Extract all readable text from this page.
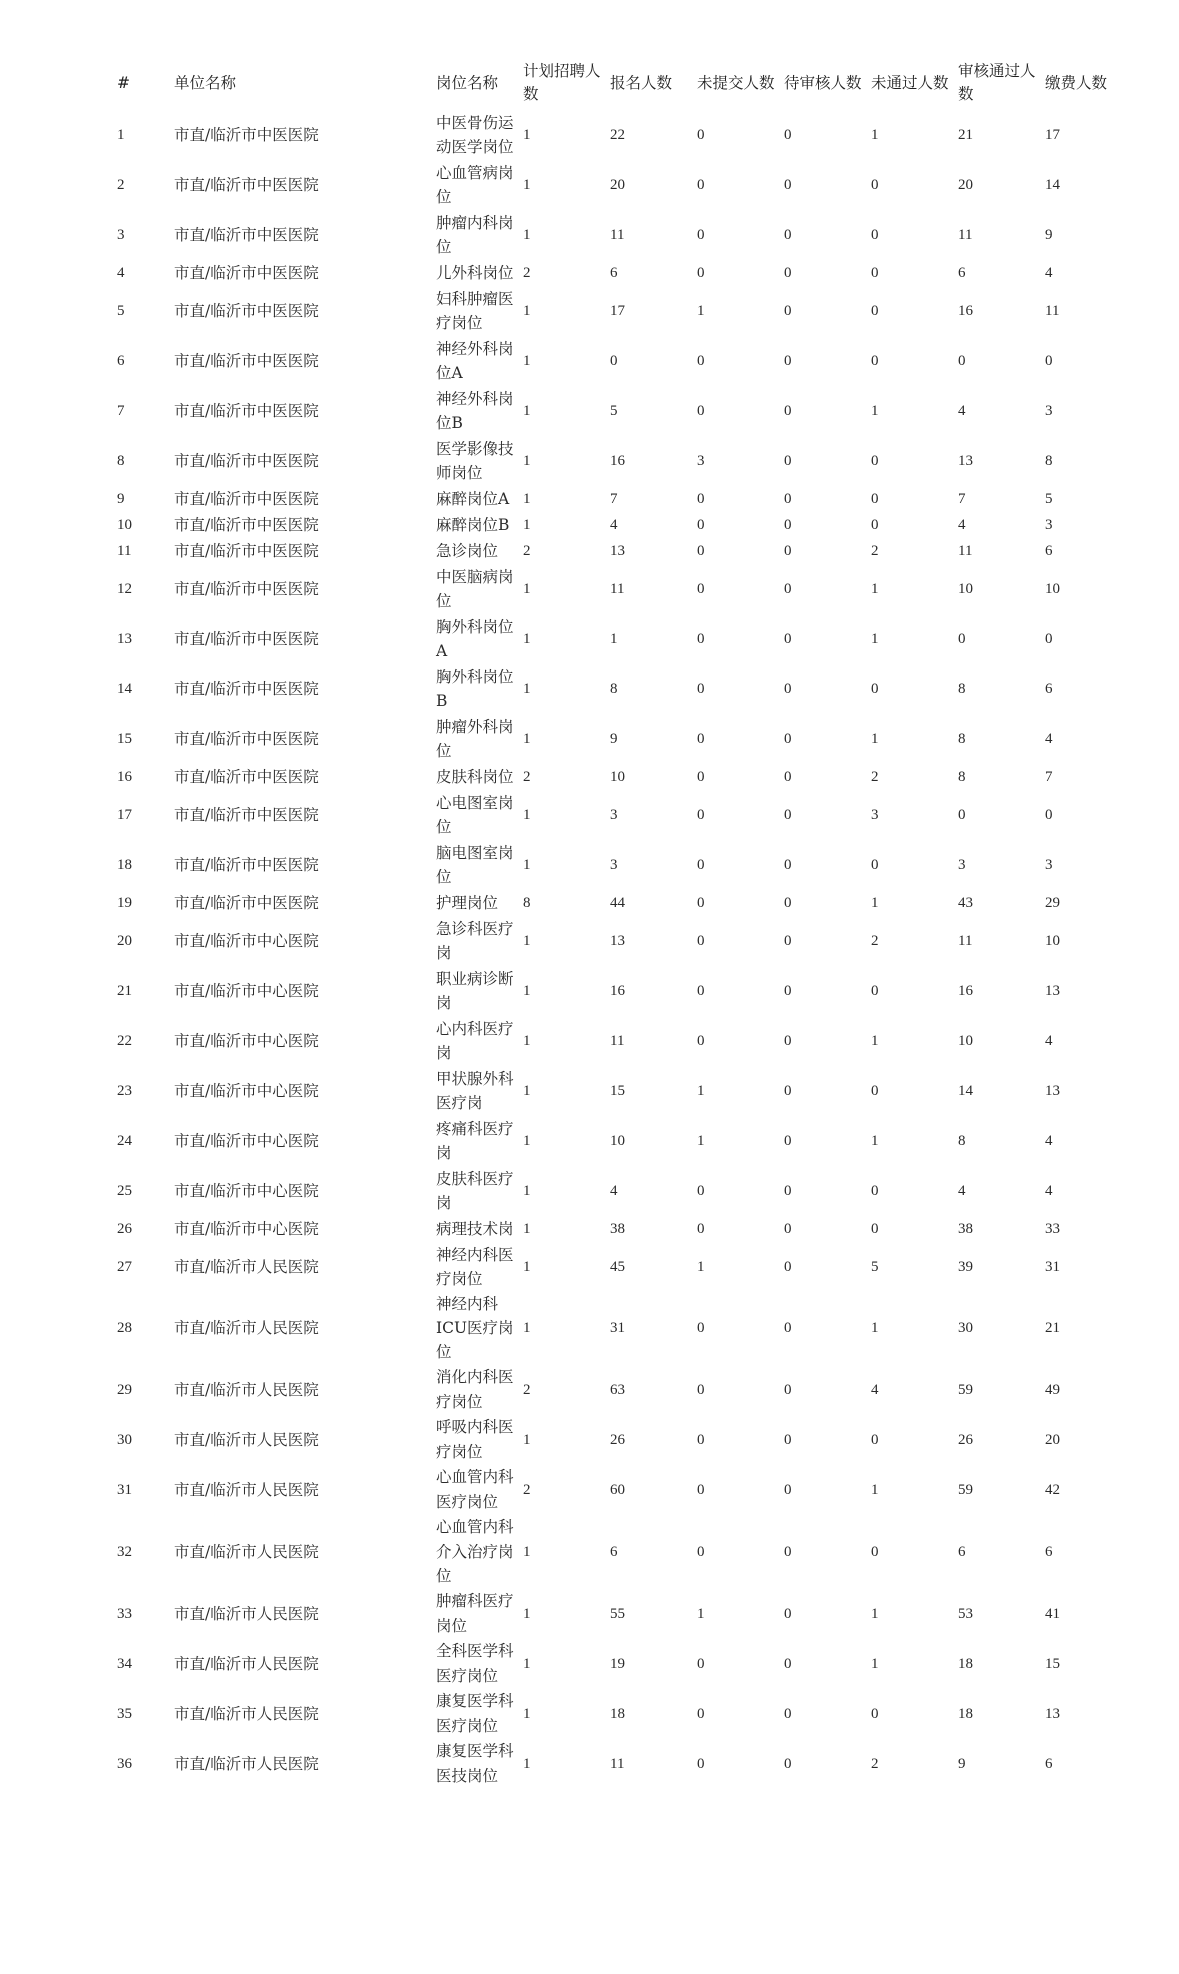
#	单位名称	岗位名称	计划招聘人数	报名人数	未提交人数	待审核人数	未通过人数	审核通过人数	缴费人数
1	市直/临沂市中医医院	中医骨伤运动医学岗位	1	22	0	0	1	21	17
2	市直/临沂市中医医院	心血管病岗位	1	20	0	0	0	20	14
3	市直/临沂市中医医院	肿瘤内科岗位	1	11	0	0	0	11	9
4	市直/临沂市中医医院	儿外科岗位	2	6	0	0	0	6	4
5	市直/临沂市中医医院	妇科肿瘤医疗岗位	1	17	1	0	0	16	11
6	市直/临沂市中医医院	神经外科岗位A	1	0	0	0	0	0	0
7	市直/临沂市中医医院	神经外科岗位B	1	5	0	0	1	4	3
8	市直/临沂市中医医院	医学影像技师岗位	1	16	3	0	0	13	8
9	市直/临沂市中医医院	麻醉岗位A	1	7	0	0	0	7	5
10	市直/临沂市中医医院	麻醉岗位B	1	4	0	0	0	4	3
11	市直/临沂市中医医院	急诊岗位	2	13	0	0	2	11	6
12	市直/临沂市中医医院	中医脑病岗位	1	11	0	0	1	10	10
13	市直/临沂市中医医院	胸外科岗位A	1	1	0	0	1	0	0
14	市直/临沂市中医医院	胸外科岗位B	1	8	0	0	0	8	6
15	市直/临沂市中医医院	肿瘤外科岗位	1	9	0	0	1	8	4
16	市直/临沂市中医医院	皮肤科岗位	2	10	0	0	2	8	7
17	市直/临沂市中医医院	心电图室岗位	1	3	0	0	3	0	0
18	市直/临沂市中医医院	脑电图室岗位	1	3	0	0	0	3	3
19	市直/临沂市中医医院	护理岗位	8	44	0	0	1	43	29
20	市直/临沂市中心医院	急诊科医疗岗	1	13	0	0	2	11	10
21	市直/临沂市中心医院	职业病诊断岗	1	16	0	0	0	16	13
22	市直/临沂市中心医院	心内科医疗岗	1	11	0	0	1	10	4
23	市直/临沂市中心医院	甲状腺外科医疗岗	1	15	1	0	0	14	13
24	市直/临沂市中心医院	疼痛科医疗岗	1	10	1	0	1	8	4
25	市直/临沂市中心医院	皮肤科医疗岗	1	4	0	0	0	4	4
26	市直/临沂市中心医院	病理技术岗	1	38	0	0	0	38	33
27	市直/临沂市人民医院	神经内科医疗岗位	1	45	1	0	5	39	31
28	市直/临沂市人民医院	神经内科ICU医疗岗位	1	31	0	0	1	30	21
29	市直/临沂市人民医院	消化内科医疗岗位	2	63	0	0	4	59	49
30	市直/临沂市人民医院	呼吸内科医疗岗位	1	26	0	0	0	26	20
31	市直/临沂市人民医院	心血管内科医疗岗位	2	60	0	0	1	59	42
32	市直/临沂市人民医院	心血管内科介入治疗岗位	1	6	0	0	0	6	6
33	市直/临沂市人民医院	肿瘤科医疗岗位	1	55	1	0	1	53	41
34	市直/临沂市人民医院	全科医学科医疗岗位	1	19	0	0	1	18	15
35	市直/临沂市人民医院	康复医学科医疗岗位	1	18	0	0	0	18	13
36	市直/临沂市人民医院	康复医学科医技岗位	1	11	0	0	2	9	6
